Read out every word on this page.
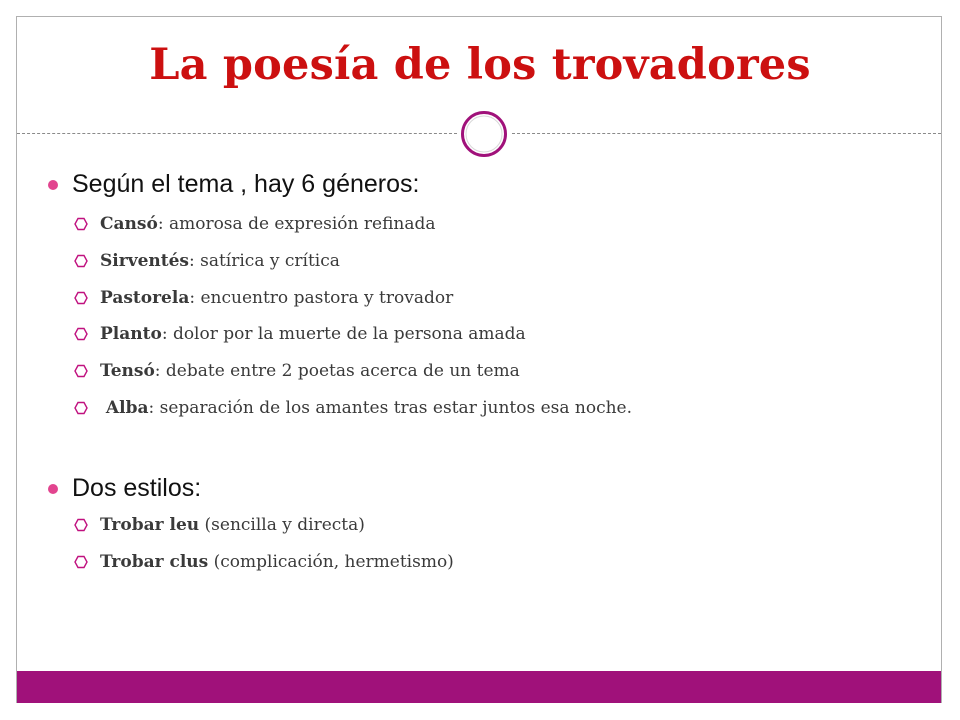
La poesía de los trovadores
Según el tema , hay 6 géneros:
Cansó : amorosa de expresión refinada
Sirventés : satírica y crítica
Pastorela : encuentro pastora y trovador
Planto : dolor por la muerte de la persona amada
Tensó : debate entre 2 poetas acerca de un tema
Alba : separación de los amantes tras estar juntos esa noche.
Dos estilos:
Trobar leu (sencilla y directa)
Trobar clus (complicación, hermetismo)
